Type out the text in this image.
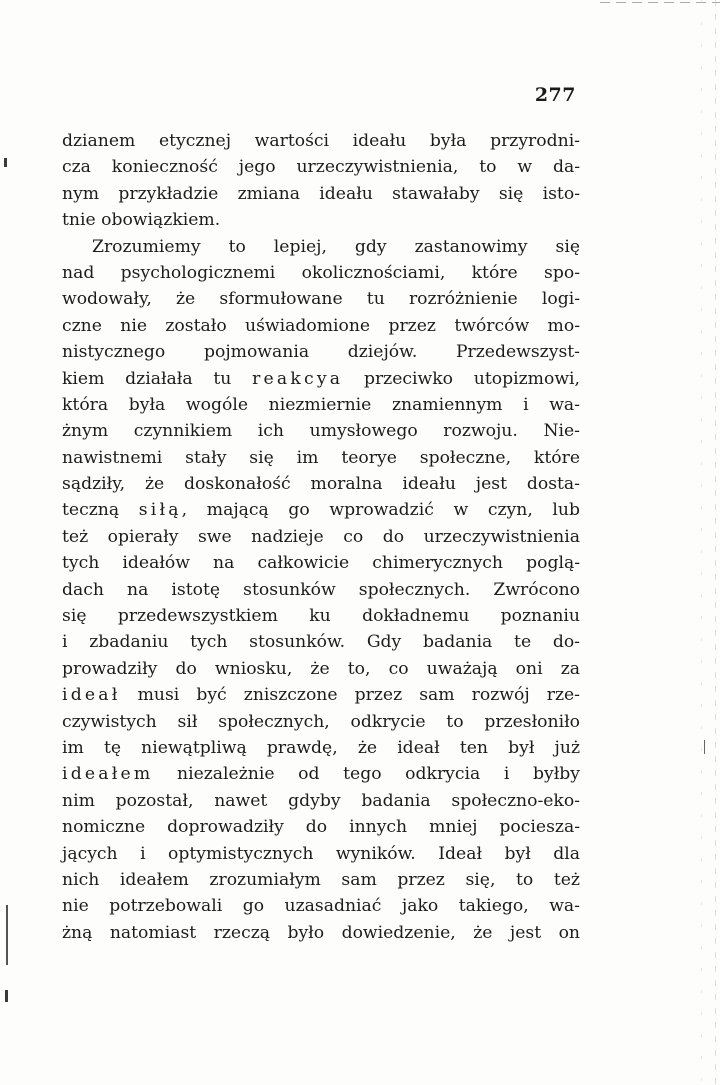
277
dzianem etycznej wartości ideału była przyrodni-
cza konieczność jego urzeczywistnienia, to w da-
nym przykładzie zmiana ideału stawałaby się isto-
tnie obowiązkiem.
Zrozumiemy to lepiej, gdy zastanowimy się
nad psychologicznemi okolicznościami, które spo-
wodowały, że sformułowane tu rozróżnienie logi-
czne nie zostało uświadomione przez twórców mo-
nistycznego pojmowania dziejów. Przedewszyst-
kiem działała tu reakcya przeciwko utopizmowi,
która była wogóle niezmiernie znamiennym i wa-
żnym czynnikiem ich umysłowego rozwoju. Nie-
nawistnemi stały się im teorye społeczne, które
sądziły, że doskonałość moralna ideału jest dosta-
teczną siłą, mającą go wprowadzić w czyn, lub
też opierały swe nadzieje co do urzeczywistnienia
tych ideałów na całkowicie chimerycznych poglą-
dach na istotę stosunków społecznych. Zwrócono
się przedewszystkiem ku dokładnemu poznaniu
i zbadaniu tych stosunków. Gdy badania te do-
prowadziły do wniosku, że to, co uważają oni za
ideał musi być zniszczone przez sam rozwój rze-
czywistych sił społecznych, odkrycie to przesłoniło
im tę niewątpliwą prawdę, że ideał ten był już
ideałem niezależnie od tego odkrycia i byłby
nim pozostał, nawet gdyby badania społeczno-eko-
nomiczne doprowadziły do innych mniej pociesza-
jących i optymistycznych wyników. Ideał był dla
nich ideałem zrozumiałym sam przez się, to też
nie potrzebowali go uzasadniać jako takiego, wa-
żną natomiast rzeczą było dowiedzenie, że jest on
